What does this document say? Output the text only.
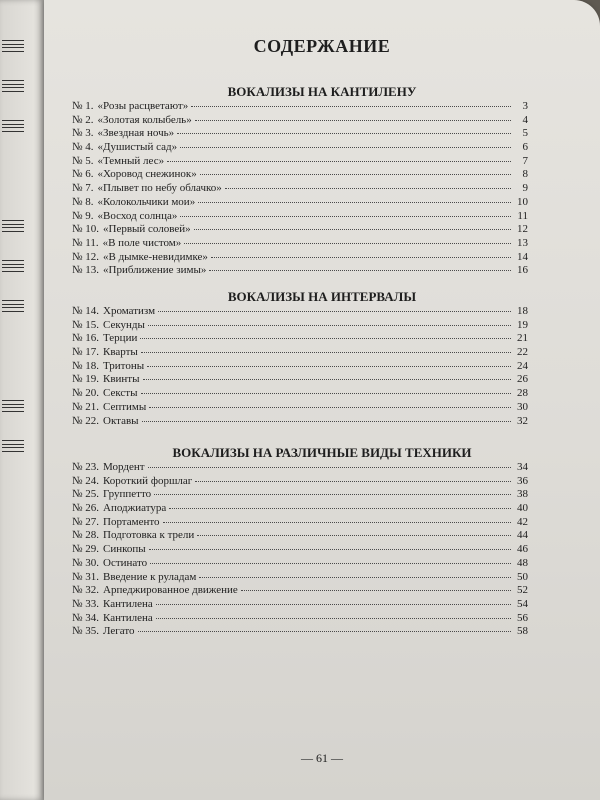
СОДЕРЖАНИЕ
ВОКАЛИЗЫ НА КАНТИЛЕНУ
№ 1. «Розы расцветают»	3
№ 2. «Золотая колыбель»	4
№ 3. «Звездная ночь»	5
№ 4. «Душистый сад»	6
№ 5. «Темный лес»	7
№ 6. «Хоровод снежинок»	8
№ 7. «Плывет по небу облачко»	9
№ 8. «Колокольчики мои»	10
№ 9. «Восход солнца»	11
№ 10. «Первый соловей»	12
№ 11. «В поле чистом»	13
№ 12. «В дымке-невидимке»	14
№ 13. «Приближение зимы»	16
ВОКАЛИЗЫ НА ИНТЕРВАЛЫ
№ 14. Хроматизм	18
№ 15. Секунды	19
№ 16. Терции	21
№ 17. Кварты	22
№ 18. Тритоны	24
№ 19. Квинты	26
№ 20. Сексты	28
№ 21. Септимы	30
№ 22. Октавы	32
ВОКАЛИЗЫ НА РАЗЛИЧНЫЕ ВИДЫ ТЕХНИКИ
№ 23. Мордент	34
№ 24. Короткий форшлаг	36
№ 25. Группетто	38
№ 26. Аподжиатура	40
№ 27. Портаменто	42
№ 28. Подготовка к трели	44
№ 29. Синкопы	46
№ 30. Остинато	48
№ 31. Введение к руладам	50
№ 32. Арпеджированное движение	52
№ 33. Кантилена	54
№ 34. Кантилена	56
№ 35. Легато	58

— 61 —
